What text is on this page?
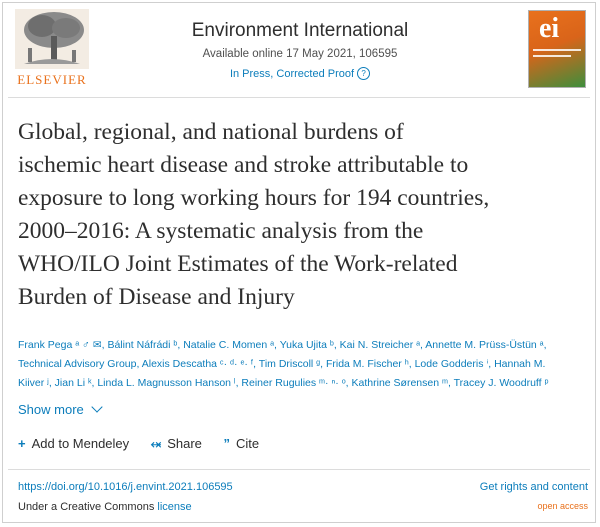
ELSEVIER
Environment International
Available online 17 May 2021, 106595
In Press, Corrected Proof ?
ei
Global, regional, and national burdens of
ischemic heart disease and stroke attributable to
exposure to long working hours for 194 countries,
2000–2016: A systematic analysis from the
WHO/ILO Joint Estimates of the Work-related
Burden of Disease and Injury
Frank Pega ᵃ ♂ ✉, Bálint Náfrádi ᵇ, Natalie C. Momen ᵃ, Yuka Ujita ᵇ, Kai N. Streicher ᵃ, Annette M. Prüss-Üstün ᵃ,
Technical Advisory Group, Alexis Descatha ᶜ· ᵈ· ᵉ· ᶠ, Tim Driscoll ᵍ, Frida M. Fischer ʰ, Lode Godderis ⁱ, Hannah M.
Kiiver ʲ, Jian Li ᵏ, Linda L. Magnusson Hanson ˡ, Reiner Rugulies ᵐ· ⁿ· ᵒ, Kathrine Sørensen ᵐ, Tracey J. Woodruff ᵖ
Show more
+ Add to Mendeley ⬾ Share ” Cite
https://doi.org/10.1016/j.envint.2021.106595	Get rights and content
Under a Creative Commons license	open access
